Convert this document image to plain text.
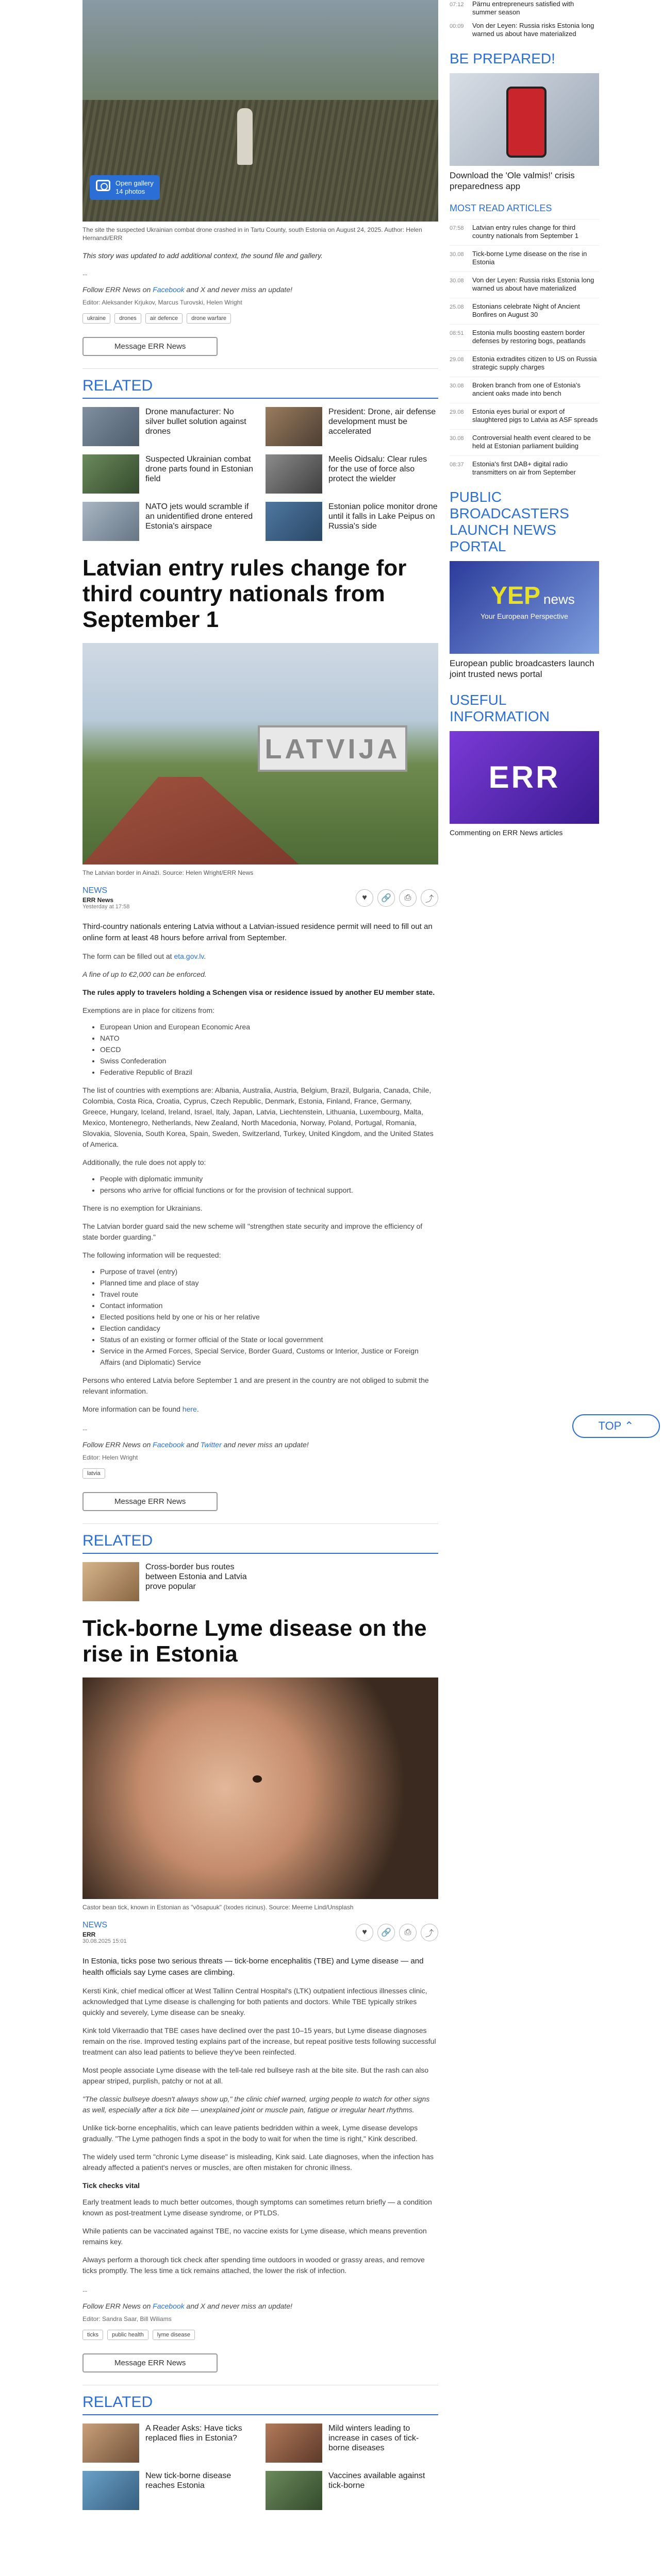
Open gallery
14 photos
The site the suspected Ukrainian combat drone crashed in in Tartu County, south Estonia on August 24, 2025. Author: Helen Hernandi/ERR
This story was updated to add additional context, the sound file and gallery.
--
Follow ERR News on Facebook and X and never miss an update!
Editor: Aleksander Krjukov, Marcus Turovski, Helen Wright
ukraine	drones	air defence	drone warfare
Message ERR News
RELATED
Drone manufacturer: No silver bullet solution against drones
President: Drone, air defense development must be accelerated
Suspected Ukrainian combat drone parts found in Estonian field
Meelis Oidsalu: Clear rules for the use of force also protect the wielder
NATO jets would scramble if an unidentified drone entered Estonia's airspace
Estonian police monitor drone until it falls in Lake Peipus on Russia's side
Latvian entry rules change for third country nationals from September 1
LATVIJA
The Latvian border in Ainaži. Source: Helen Wright/ERR News
NEWS
ERR News
Yesterday at 17:58
♥	🔗	⎙	⤴
Third-country nationals entering Latvia without a Latvian-issued residence permit will need to fill out an online form at least 48 hours before arrival from September.
The form can be filled out at eta.gov.lv.
A fine of up to €2,000 can be enforced.
The rules apply to travelers holding a Schengen visa or residence issued by another EU member state.
Exemptions are in place for citizens from:
• European Union and European Economic Area
• NATO
• OECD
• Swiss Confederation
• Federative Republic of Brazil
The list of countries with exemptions are: Albania, Australia, Austria, Belgium, Brazil, Bulgaria, Canada, Chile, Colombia, Costa Rica, Croatia, Cyprus, Czech Republic, Denmark, Estonia, Finland, France, Germany, Greece, Hungary, Iceland, Ireland, Israel, Italy, Japan, Latvia, Liechtenstein, Lithuania, Luxembourg, Malta, Mexico, Montenegro, Netherlands, New Zealand, North Macedonia, Norway, Poland, Portugal, Romania, Slovakia, Slovenia, South Korea, Spain, Sweden, Switzerland, Turkey, United Kingdom, and the United States of America.
Additionally, the rule does not apply to:
• People with diplomatic immunity
• persons who arrive for official functions or for the provision of technical support.
There is no exemption for Ukrainians.
The Latvian border guard said the new scheme will "strengthen state security and improve the efficiency of state border guarding."
The following information will be requested:
• Purpose of travel (entry)
• Planned time and place of stay
• Travel route
• Contact information
• Elected positions held by one or his or her relative
• Election candidacy
• Status of an existing or former official of the State or local government
• Service in the Armed Forces, Special Service, Border Guard, Customs or Interior, Justice or Foreign Affairs (and Diplomatic) Service
Persons who entered Latvia before September 1 and are present in the country are not obliged to submit the relevant information.
More information can be found here.
--
Follow ERR News on Facebook and Twitter and never miss an update!
Editor: Helen Wright
latvia
Message ERR News
RELATED
Cross-border bus routes between Estonia and Latvia prove popular
Tick-borne Lyme disease on the rise in Estonia
Castor bean tick, known in Estonian as "võsapuuk" (Ixodes ricinus). Source: Meeme Lind/Unsplash
NEWS
ERR
30.08.2025 15:01
♥	🔗	⎙	⤴
In Estonia, ticks pose two serious threats — tick-borne encephalitis (TBE) and Lyme disease — and health officials say Lyme cases are climbing.
Kersti Kink, chief medical officer at West Tallinn Central Hospital's (LTK) outpatient infectious illnesses clinic, acknowledged that Lyme disease is challenging for both patients and doctors. While TBE typically strikes quickly and severely, Lyme disease can be sneaky.
Kink told Vikerraadio that TBE cases have declined over the past 10–15 years, but Lyme disease diagnoses remain on the rise. Improved testing explains part of the increase, but repeat positive tests following successful treatment can also lead patients to believe they've been reinfected.
Most people associate Lyme disease with the tell-tale red bullseye rash at the bite site. But the rash can also appear striped, purplish, patchy or not at all.
"The classic bullseye doesn't always show up," the clinic chief warned, urging people to watch for other signs as well, especially after a tick bite — unexplained joint or muscle pain, fatigue or irregular heart rhythms.
Unlike tick-borne encephalitis, which can leave patients bedridden within a week, Lyme disease develops gradually. "The Lyme pathogen finds a spot in the body to wait for when the time is right," Kink described.
The widely used term "chronic Lyme disease" is misleading, Kink said. Late diagnoses, when the infection has already affected a patient's nerves or muscles, are often mistaken for chronic illness.
Tick checks vital
Early treatment leads to much better outcomes, though symptoms can sometimes return briefly — a condition known as post-treatment Lyme disease syndrome, or PTLDS.
While patients can be vaccinated against TBE, no vaccine exists for Lyme disease, which means prevention remains key.
Always perform a thorough tick check after spending time outdoors in wooded or grassy areas, and remove ticks promptly. The less time a tick remains attached, the lower the risk of infection.
--
Follow ERR News on Facebook and X and never miss an update!
Editor: Sandra Saar, Bill Wiliams
ticks	public health	lyme disease
Message ERR News
RELATED
A Reader Asks: Have ticks replaced flies in Estonia?
Mild winters leading to increase in cases of tick-borne diseases
New tick-borne disease reaches Estonia
Vaccines available against tick-borne
07:12	Pärnu entrepreneurs satisfied with summer season
00:09	Von der Leyen: Russia risks Estonia long warned us about have materialized
BE PREPARED!
Download the 'Ole valmis!' crisis preparedness app
MOST READ ARTICLES
07:58	Latvian entry rules change for third country nationals from September 1
30.08	Tick-borne Lyme disease on the rise in Estonia
30.08	Von der Leyen: Russia risks Estonia long warned us about have materialized
25.08	Estonians celebrate Night of Ancient Bonfires on August 30
08:51	Estonia mulls boosting eastern border defenses by restoring bogs, peatlands
29.08	Estonia extradites citizen to US on Russia strategic supply charges
30.08	Broken branch from one of Estonia's ancient oaks made into bench
29.08	Estonia eyes burial or export of slaughtered pigs to Latvia as ASF spreads
30.08	Controversial health event cleared to be held at Estonian parliament building
08:37	Estonia's first DAB+ digital radio transmitters on air from September
PUBLIC BROADCASTERS LAUNCH NEWS PORTAL
YEP news
Your European Perspective
European public broadcasters launch joint trusted news portal
USEFUL INFORMATION
ERR
Commenting on ERR News articles
TOP ⌃
